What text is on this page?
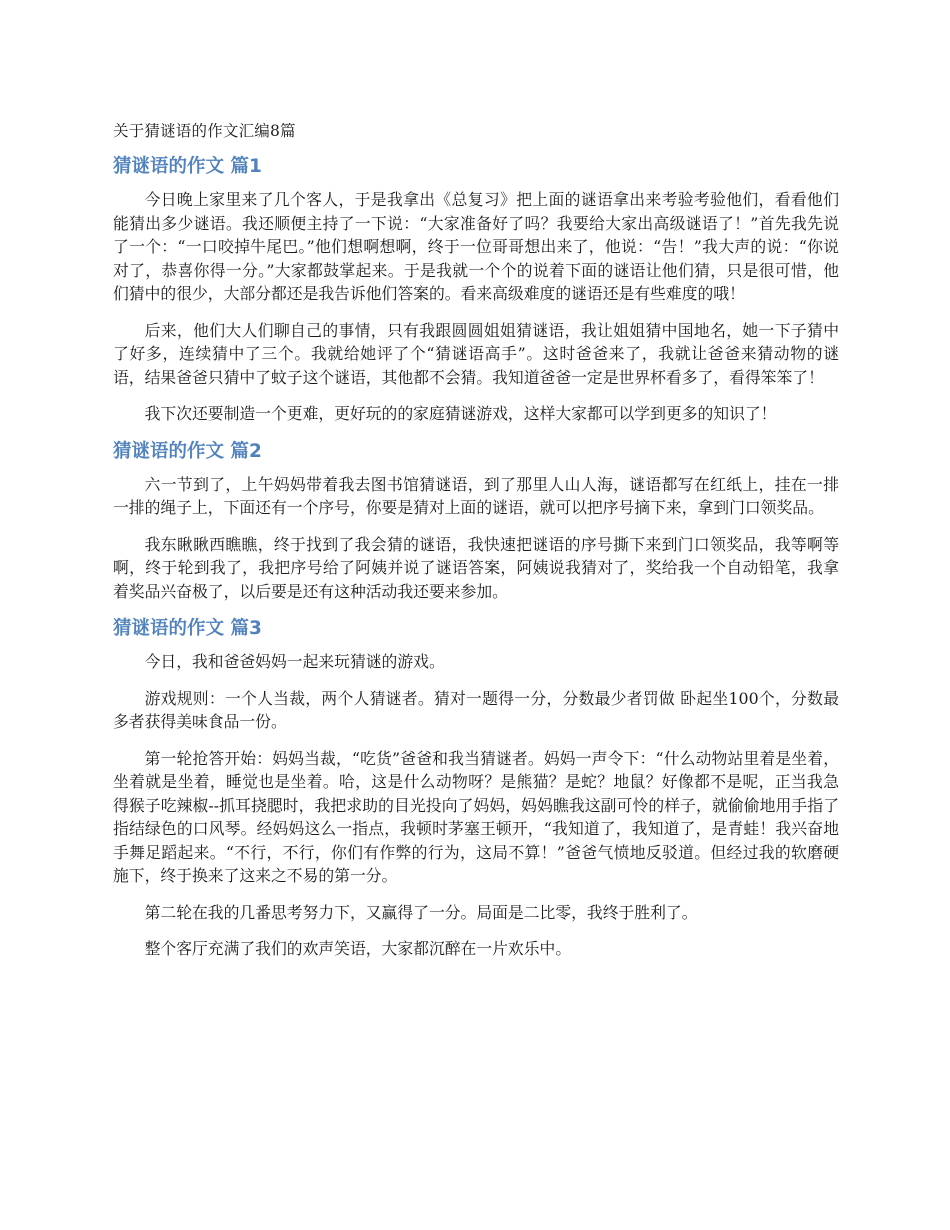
关于猜谜语的作文汇编8篇
猜谜语的作文 篇1

今日晚上家里来了几个客人，于是我拿出《总复习》把上面的谜语拿出来考验考验他们，看看他们能猜出多少谜语。我还顺便主持了一下说：“大家准备好了吗？我要给大家出高级谜语了！”首先我先说了一个：“一口咬掉牛尾巴。”他们想啊想啊，终于一位哥哥想出来了，他说：“告！”我大声的说：“你说对了，恭喜你得一分。”大家都鼓掌起来。于是我就一个个的说着下面的谜语让他们猜，只是很可惜，他们猜中的很少，大部分都还是我告诉他们答案的。看来高级难度的谜语还是有些难度的哦！

后来，他们大人们聊自己的事情，只有我跟圆圆姐姐猜谜语，我让姐姐猜中国地名，她一下子猜中了好多，连续猜中了三个。我就给她评了个“猜谜语高手”。这时爸爸来了，我就让爸爸来猜动物的谜语，结果爸爸只猜中了蚊子这个谜语，其他都不会猜。我知道爸爸一定是世界杯看多了，看得笨笨了！

我下次还要制造一个更难，更好玩的的家庭猜谜游戏，这样大家都可以学到更多的知识了！

猜谜语的作文 篇2

六一节到了，上午妈妈带着我去图书馆猜谜语，到了那里人山人海，谜语都写在红纸上，挂在一排一排的绳子上，下面还有一个序号，你要是猜对上面的谜语，就可以把序号摘下来，拿到门口领奖品。

我东瞅瞅西瞧瞧，终于找到了我会猜的谜语，我快速把谜语的序号撕下来到门口领奖品，我等啊等啊，终于轮到我了，我把序号给了阿姨并说了谜语答案，阿姨说我猜对了，奖给我一个自动铅笔，我拿着奖品兴奋极了，以后要是还有这种活动我还要来参加。

猜谜语的作文 篇3

今日，我和爸爸妈妈一起来玩猜谜的游戏。

游戏规则：一个人当裁，两个人猜谜者。猜对一题得一分，分数最少者罚做 卧起坐100个，分数最多者获得美味食品一份。

第一轮抢答开始：妈妈当裁，“吃货”爸爸和我当猜谜者。妈妈一声令下：“什么动物站里着是坐着，坐着就是坐着，睡觉也是坐着。哈，这是什么动物呀？是熊猫？是蛇？地鼠？好像都不是呢，正当我急得猴子吃辣椒--抓耳挠腮时，我把求助的目光投向了妈妈，妈妈瞧我这副可怜的样子，就偷偷地用手指了指结绿色的口风琴。经妈妈这么一指点，我顿时茅塞王顿开，“我知道了，我知道了，是青蛙！我兴奋地手舞足蹈起来。“不行，不行，你们有作弊的行为，这局不算！”爸爸气愤地反驳道。但经过我的软磨硬施下，终于换来了这来之不易的第一分。

第二轮在我的几番思考努力下，又赢得了一分。局面是二比零，我终于胜利了。

整个客厅充满了我们的欢声笑语，大家都沉醉在一片欢乐中。
